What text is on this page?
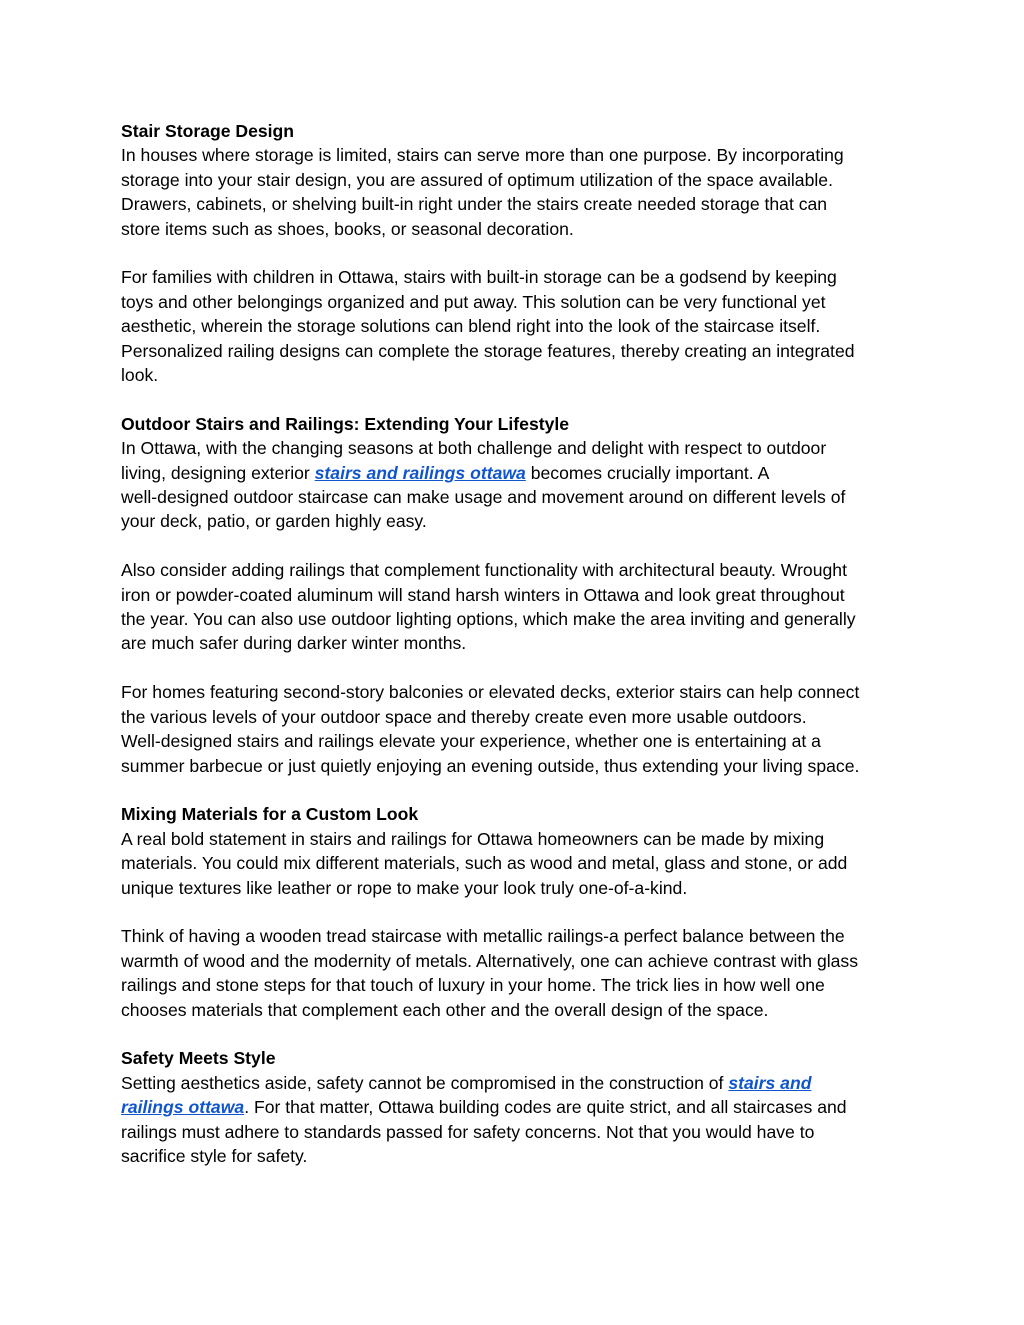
Stair Storage Design

In houses where storage is limited, stairs can serve more than one purpose. By incorporating
storage into your stair design, you are assured of optimum utilization of the space available.
Drawers, cabinets, or shelving built-in right under the stairs create needed storage that can
store items such as shoes, books, or seasonal decoration.

For families with children in Ottawa, stairs with built-in storage can be a godsend by keeping
toys and other belongings organized and put away. This solution can be very functional yet
aesthetic, wherein the storage solutions can blend right into the look of the staircase itself.
Personalized railing designs can complete the storage features, thereby creating an integrated
look.

Outdoor Stairs and Railings: Extending Your Lifestyle

In Ottawa, with the changing seasons at both challenge and delight with respect to outdoor
living, designing exterior stairs and railings ottawa becomes crucially important. A
well-designed outdoor staircase can make usage and movement around on different levels of
your deck, patio, or garden highly easy.

Also consider adding railings that complement functionality with architectural beauty. Wrought
iron or powder-coated aluminum will stand harsh winters in Ottawa and look great throughout
the year. You can also use outdoor lighting options, which make the area inviting and generally
are much safer during darker winter months.

For homes featuring second-story balconies or elevated decks, exterior stairs can help connect
the various levels of your outdoor space and thereby create even more usable outdoors.
Well-designed stairs and railings elevate your experience, whether one is entertaining at a
summer barbecue or just quietly enjoying an evening outside, thus extending your living space.

Mixing Materials for a Custom Look

A real bold statement in stairs and railings for Ottawa homeowners can be made by mixing
materials. You could mix different materials, such as wood and metal, glass and stone, or add
unique textures like leather or rope to make your look truly one-of-a-kind.

Think of having a wooden tread staircase with metallic railings-a perfect balance between the
warmth of wood and the modernity of metals. Alternatively, one can achieve contrast with glass
railings and stone steps for that touch of luxury in your home. The trick lies in how well one
chooses materials that complement each other and the overall design of the space.

Safety Meets Style

Setting aesthetics aside, safety cannot be compromised in the construction of stairs and
railings ottawa. For that matter, Ottawa building codes are quite strict, and all staircases and
railings must adhere to standards passed for safety concerns. Not that you would have to
sacrifice style for safety.
